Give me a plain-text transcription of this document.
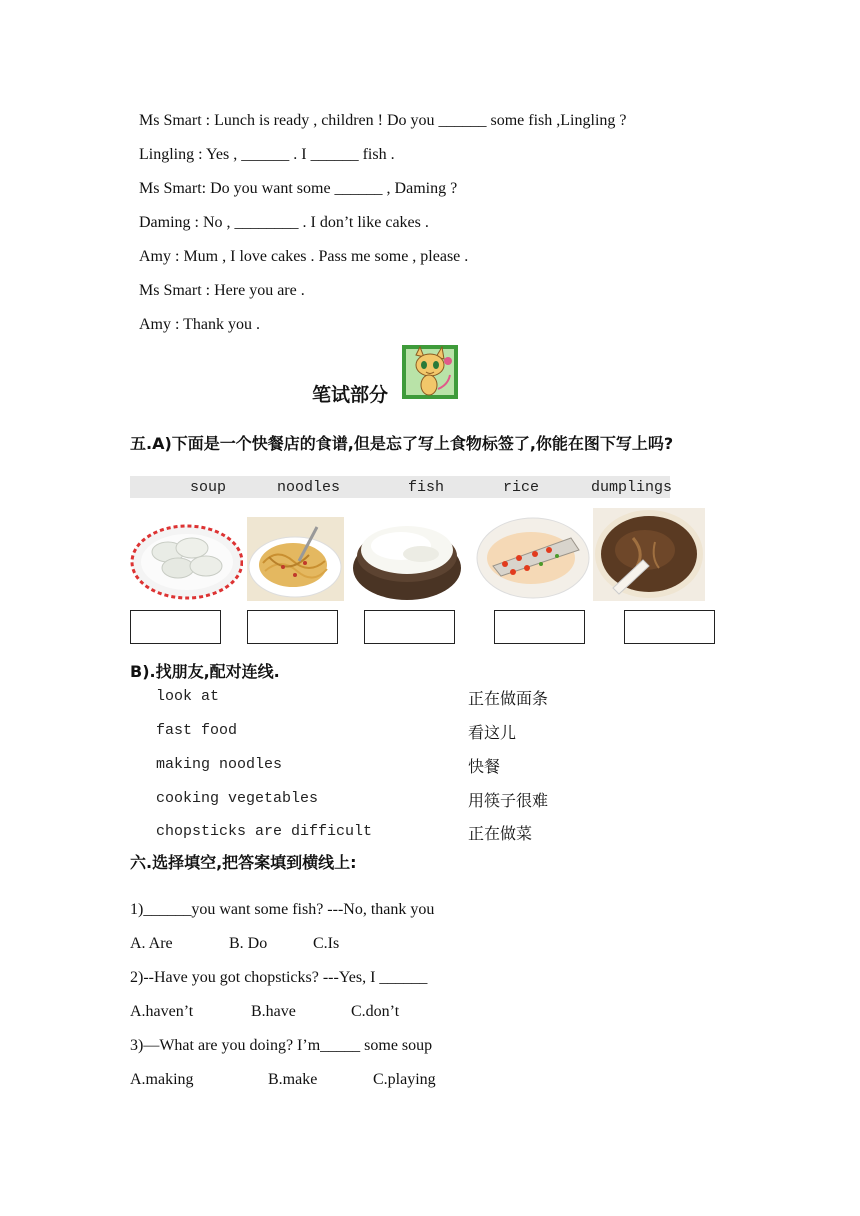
Ms Smart : Lunch is ready , children ! Do you ______ some fish ,Lingling ?
Lingling : Yes , ______ . I ______ fish .
Ms Smart: Do you want some ______ , Daming ?
Daming : No , ________ . I don’t like cakes .
Amy : Mum , I love cakes . Pass me some , please .
Ms Smart : Here you are .
Amy : Thank you .
笔试部分
五.A)下面是一个快餐店的食谱,但是忘了写上食物标签了,你能在图下写上吗?
soup	noodles	fish	rice	dumplings
B).找朋友,配对连线.
look at
fast food
making noodles
cooking vegetables
chopsticks are difficult
正在做面条
看这儿
快餐
用筷子很难
正在做菜
六.选择填空,把答案填到横线上:
1)______you want some fish? ---No, thank you
A. Are	B. Do	C.Is
2)--Have you got chopsticks? ---Yes, I ______
A.haven’t	B.have	C.don’t
3)—What are you doing? I’m_____ some soup
A.making	B.make	C.playing
